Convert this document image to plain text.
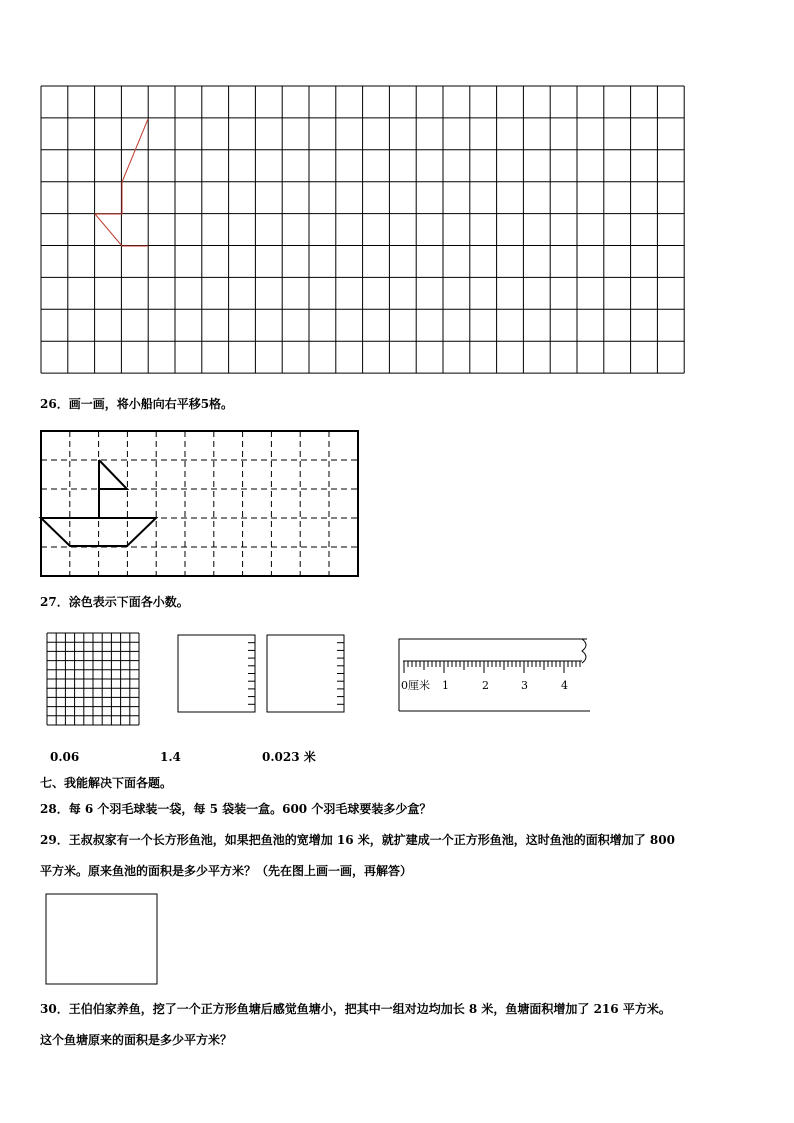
26．画一画，将小船向右平移5格。
27．涂色表示下面各小数。
0厘米 1	2	3	4
0.06	1.4	0.023 米
七、我能解决下面各题。
28．每 6 个羽毛球装一袋，每 5 袋装一盒。600 个羽毛球要装多少盒？
29．王叔叔家有一个长方形鱼池，如果把鱼池的宽增加 16 米，就扩建成一个正方形鱼池，这时鱼池的面积增加了 800
平方米。原来鱼池的面积是多少平方米？（先在图上画一画，再解答）
30．王伯伯家养鱼，挖了一个正方形鱼塘后感觉鱼塘小，把其中一组对边均加长 8 米，鱼塘面积增加了 216 平方米。
这个鱼塘原来的面积是多少平方米？
